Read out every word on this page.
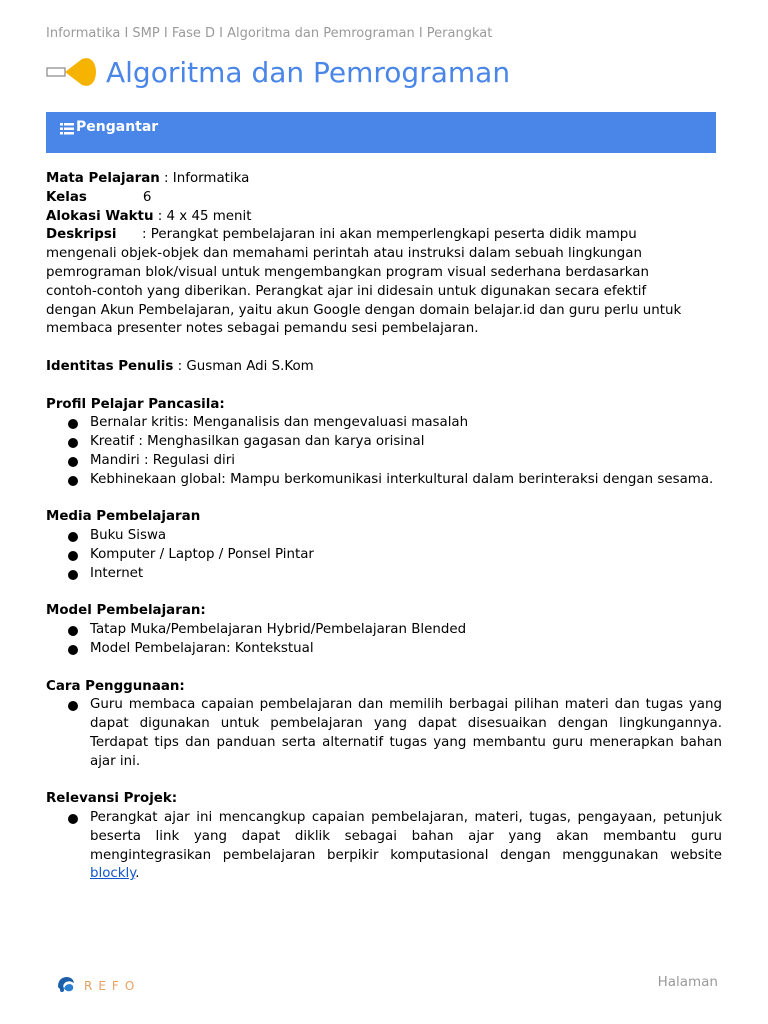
Informatika I SMP I Fase D I Algoritma dan Pemrograman I Perangkat
Algoritma dan Pemrograman
Pengantar
Mata Pelajaran : Informatika
Kelas	6
Alokasi Waktu : 4 x 45 menit
Deskripsi      : Perangkat pembelajaran ini akan memperlengkapi peserta didik mampu
mengenali objek-objek dan memahami perintah atau instruksi dalam sebuah lingkungan
pemrograman blok/visual untuk mengembangkan program visual sederhana berdasarkan
contoh-contoh yang diberikan. Perangkat ajar ini didesain untuk digunakan secara efektif
dengan Akun Pembelajaran, yaitu akun Google dengan domain belajar.id dan guru perlu untuk
membaca presenter notes sebagai pemandu sesi pembelajaran.
Identitas Penulis : Gusman Adi S.Kom
Profil Pelajar Pancasila:
Bernalar kritis: Menganalisis dan mengevaluasi masalah
Kreatif : Menghasilkan gagasan dan karya orisinal
Mandiri : Regulasi diri
Kebhinekaan global: Mampu berkomunikasi interkultural dalam berinteraksi dengan sesama.
Media Pembelajaran
Buku Siswa
Komputer / Laptop / Ponsel Pintar
Internet
Model Pembelajaran:
Tatap Muka/Pembelajaran Hybrid/Pembelajaran Blended
Model Pembelajaran: Kontekstual
Cara Penggunaan:
Guru membaca capaian pembelajaran dan memilih berbagai pilihan materi dan tugas yang dapat digunakan untuk pembelajaran yang dapat disesuaikan dengan lingkungannya. Terdapat tips dan panduan serta alternatif tugas yang membantu guru menerapkan bahan ajar ini.
Relevansi Projek:
Perangkat ajar ini mencangkup capaian pembelajaran, materi, tugas, pengayaan, petunjuk beserta link yang dapat diklik sebagai bahan ajar yang akan membantu guru mengintegrasikan pembelajaran berpikir komputasional dengan menggunakan website blockly.
REFO	Halaman
